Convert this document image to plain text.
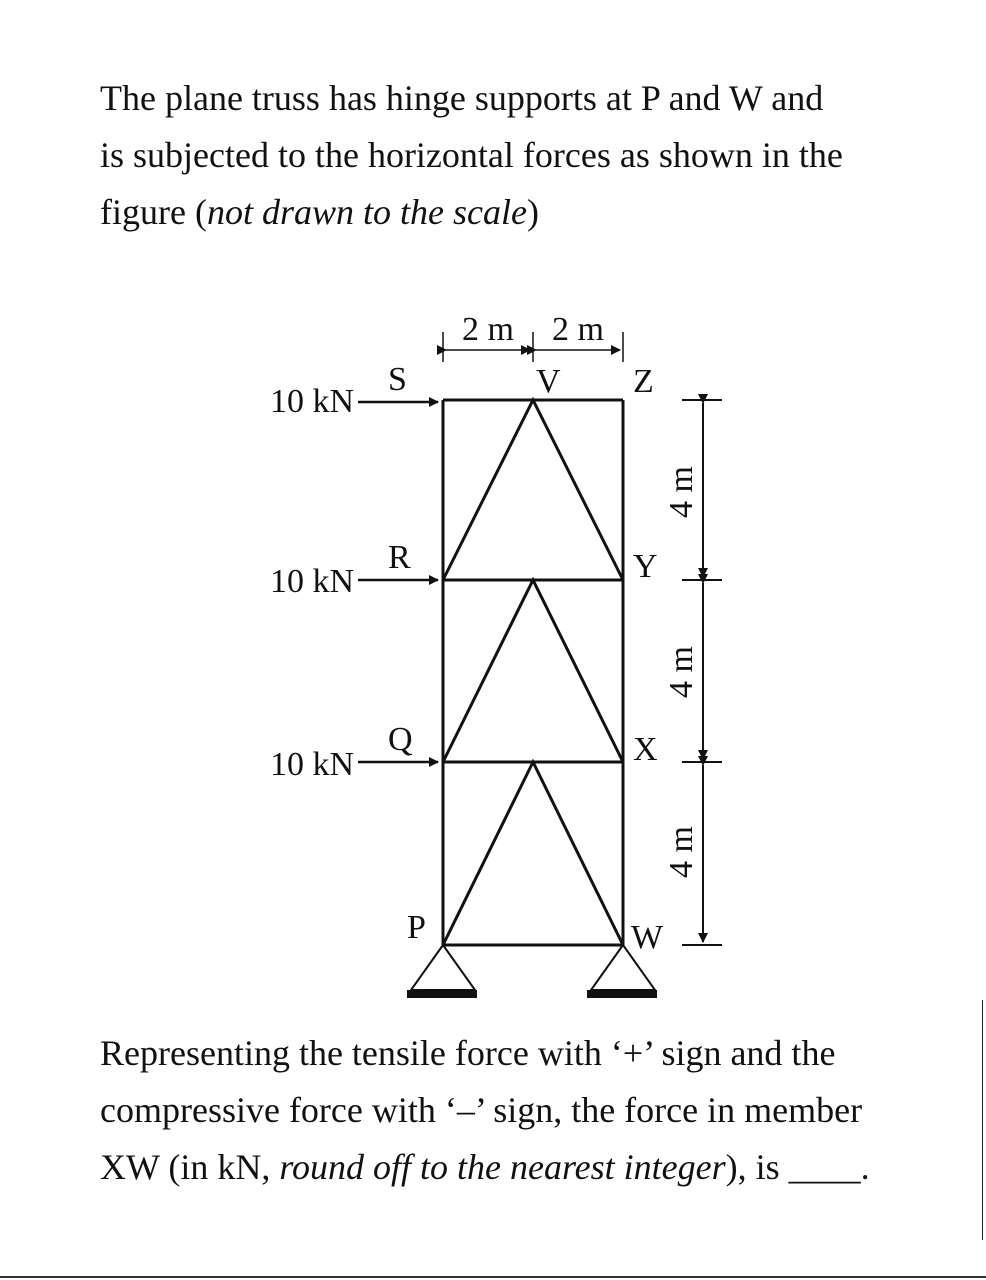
The plane truss has hinge supports at P and W and
is subjected to the horizontal forces as shown in the
figure (not drawn to the scale)

10 kN
10 kN
10 kN
S	V Z
R	Y
Q	X
P	W
2 m 2 m
4 m
4 m
4 m

Representing the tensile force with ‘+’ sign and the
compressive force with ‘–’ sign, the force in member
XW (in kN, round off to the nearest integer), is ____.
